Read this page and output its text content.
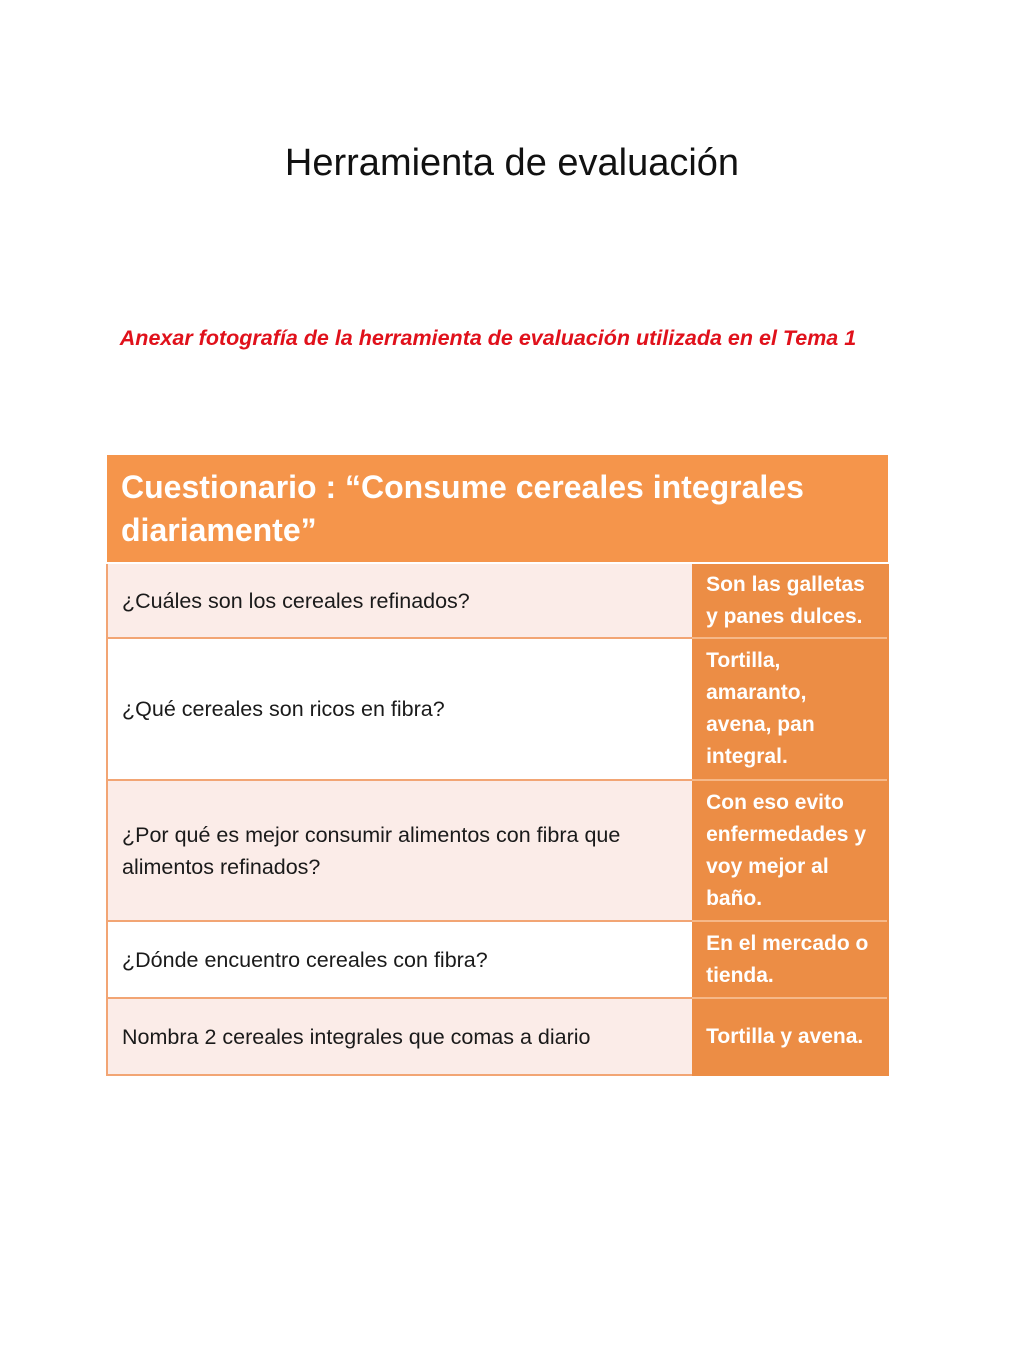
Herramienta de evaluación
Anexar fotografía de la herramienta de evaluación utilizada en el Tema 1
Cuestionario : “Consume cereales integrales diariamente”	
¿Cuáles son los cereales refinados?	Son las galletas y panes dulces.
¿Qué cereales son ricos en fibra?	Tortilla, amaranto, avena, pan integral.
¿Por qué es mejor consumir alimentos con fibra que alimentos refinados?	Con eso evito enfermedades y voy mejor al baño.
¿Dónde encuentro cereales con fibra?	En el mercado o tienda.
Nombra 2 cereales integrales que comas a diario	Tortilla y avena.
